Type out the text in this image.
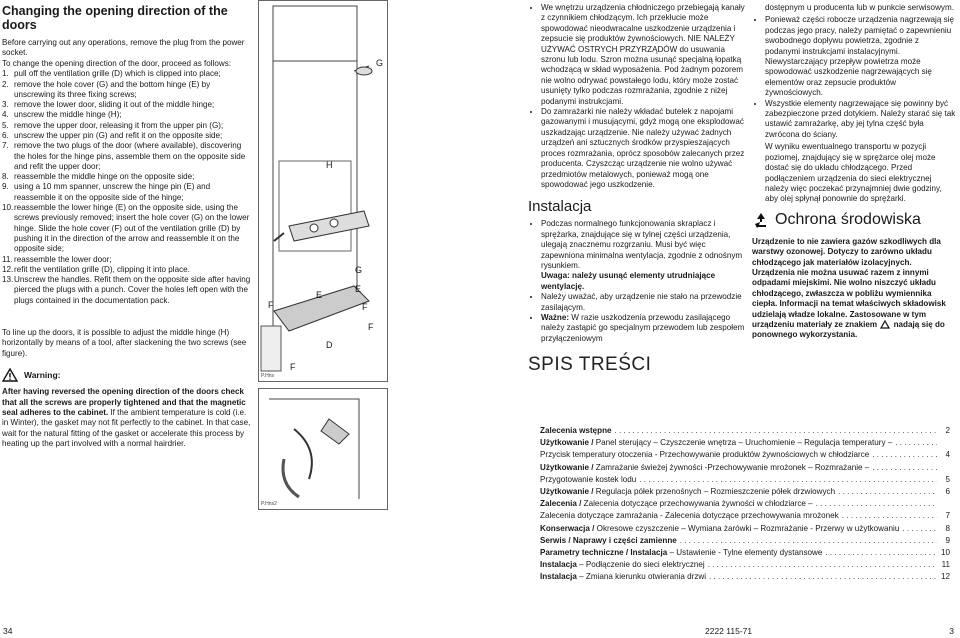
Changing the opening direction of the doors

Before carrying out any operations, remove the plug from the power socket.

To change the opening direction of the door, proceed as follows:

1. pull off the ventilation grille (D) which is clipped into place;
2. remove the hole cover (G) and the bottom hinge (E) by unscrewing its three fixing screws;
3. remove the lower door, sliding it out of the middle hinge;
4. unscrew the middle hinge (H);
5. remove the upper door, releasing it from the upper pin (G);
6. unscrew the upper pin (G) and refit it on the opposite side;
7. remove the two plugs of the door (where available), discovering the holes for the hinge pins, assemble them on the opposite side and refit the upper door;
8. reassemble the middle hinge on the opposite side;
9. using a 10 mm spanner, unscrew the hinge pin (E) and reassemble it on the opposite side of the hinge;
10. reassemble the lower hinge (E) on the opposite side, using the screws previously removed; insert the hole cover (G) on the lower hinge. Slide the hole cover (F) out of the ventilation grille (D) by pushing it in the direction of the arrow and reassemble it on the opposite side;
11. reassemble the lower door;
12. refit the ventilation grille (D), clipping it into place.
13. Unscrew the handles. Refit them on the opposite side after having pierced the plugs with a punch. Cover the holes left open with the plugs contained in the documentation pack.

To line up the doors, it is possible to adjust the middle hinge (H) horizontally by means of a tool, after slackening the two screws (see figure).

Warning:

After having reversed the opening direction of the doors check that all the screws are properly tightened and that the magnetic seal adheres to the cabinet. If the ambient temperature is cold (i.e. in Winter), the gasket may not fit perfectly to the cabinet. In that case, wait for the natural fitting of the gasket or accelerate this process by heating up the part involved with a normal hairdrier.

P.Hns
G
H
F
E
G
E
F
D
F
F
P.Hns2
• We wnętrzu urządzenia chłodniczego przebiegają kanały z czynnikiem chłodzącym. Ich przekłucie może spowodować nieodwracalne uszkodzenie urządzenia i zepsucie się produktów żywnościowych. NIE NALEŻY UŻYWAĆ OSTRYCH PRZYRZĄDÓW do usuwania szronu lub lodu. Szron można usunąć specjalną łopatką wchodzącą w skład wyposażenia. Pod żadnym pozorem nie wolno odrywać powstałego lodu, który może zostać usunięty tylko podczas rozmrażania, zgodnie z niżej podanymi instrukcjami.
• Do zamrażarki nie należy wkładać butelek z napojami gazowanymi i musującymi, gdyż mogą one eksplodować uszkadzając urządzenie. Nie należy używać żadnych urządzeń ani sztucznych środków przyspieszających proces rozmrażania, oprócz sposobów zalecanych przez producenta. Czyszcząc urządzenie nie wolno używać przedmiotów metalowych, ponieważ mogą one spowodować jego uszkodzenie.
Instalacja
• Podczas normalnego funkcjonowania skraplacz i sprężarka, znajdujące się w tylnej części urządzenia, ulegają znacznemu rozgrzaniu. Musi być więc zapewniona minimalna wentylacja, zgodnie z odnośnym rysunkiem.
Uwaga: należy usunąć elementy utrudniające wentylację.
• Należy uważać, aby urządzenie nie stało na przewodzie zasilającym.
• Ważne: W razie uszkodzenia przewodu zasilającego należy zastąpić go specjalnym przewodem lub zespołem przyłączeniowym
SPIS TREŚCI

dostępnym u producenta lub w punkcie serwisowym.

• Ponieważ części robocze urządzenia nagrzewają się podczas jego pracy, należy pamiętać o zapewnieniu swobodnego dopływu powietrza, zgodnie z podanymi instrukcjami instalacyjnymi. Niewystarczający przepływ powietrza może spowodować uszkodzenie nagrzewających się elementów oraz zepsucie produktów żywnościowych.
• Wszystkie elementy nagrzewające się powinny być zabezpieczone przed dotykiem. Należy starać się tak ustawić zamrażarkę, aby jej tylna część była zwrócona do ściany.

W wyniku ewentualnego transportu w pozycji poziomej, znajdujący się w sprężarce olej może dostać się do układu chłodzącego. Przed podłączeniem urządzenia do sieci elektrycznej należy więc poczekać przynajmniej dwie godziny, aby olej spłynął ponownie do sprężarki.

Ochrona środowiska

Urządzenie to nie zawiera gazów szkodliwych dla warstwy ozonowej. Dotyczy to zarówno układu chłodzącego jak materiałów izolacyjnych. Urządzenia nie można usuwać razem z innymi odpadami miejskimi. Nie wolno niszczyć układu chłodzącego, zwłaszcza w pobliżu wymiennika ciepła. Informacji na temat właściwych składowisk udzielają władze lokalne. Zastosowane w tym urządzeniu materiały ze znakiem nadają się do ponownego wykorzystania.

Zalecenia wstępne . . .	2
Użytkowanie / Panel sterujący – Czyszczenie wnętrza – Uruchomienie – Regulacja temperatury –
. . .
Przycisk temperatury otoczenia - Przechowywanie produktów żywnościowych w chłodziarce . . .	4
Użytkowanie / Zamrażanie świeżej żywności -Przechowywanie mrożonek – Rozmrażanie –
. . .
Przygotowanie kostek lodu . . .	5
Użytkowanie / Regulacja półek przenośnych – Rozmieszczenie półek drzwiowych . . .	6
Zalecenia / Zalecenia dotyczące przechowywania żywności w chłodziarce –
. . .
Zalecenia dotyczące zamrażania - Zalecenia dotyczące przechowywania mrożonek . . .	7
Konserwacja / Okresowe czyszczenie – Wymiana żarówki – Rozmrażanie - Przerwy w użytkowaniu . . .	8
Serwis / Naprawy i części zamienne . . .	9
Parametry techniczne / Instalacja – Ustawienie - Tylne elementy dystansowe . . .	10
Instalacja – Podłączenie do sieci elektrycznej . . .	11
Instalacja – Zmiana kierunku otwierania drzwi . . .	12
34	2222 115-71	3
